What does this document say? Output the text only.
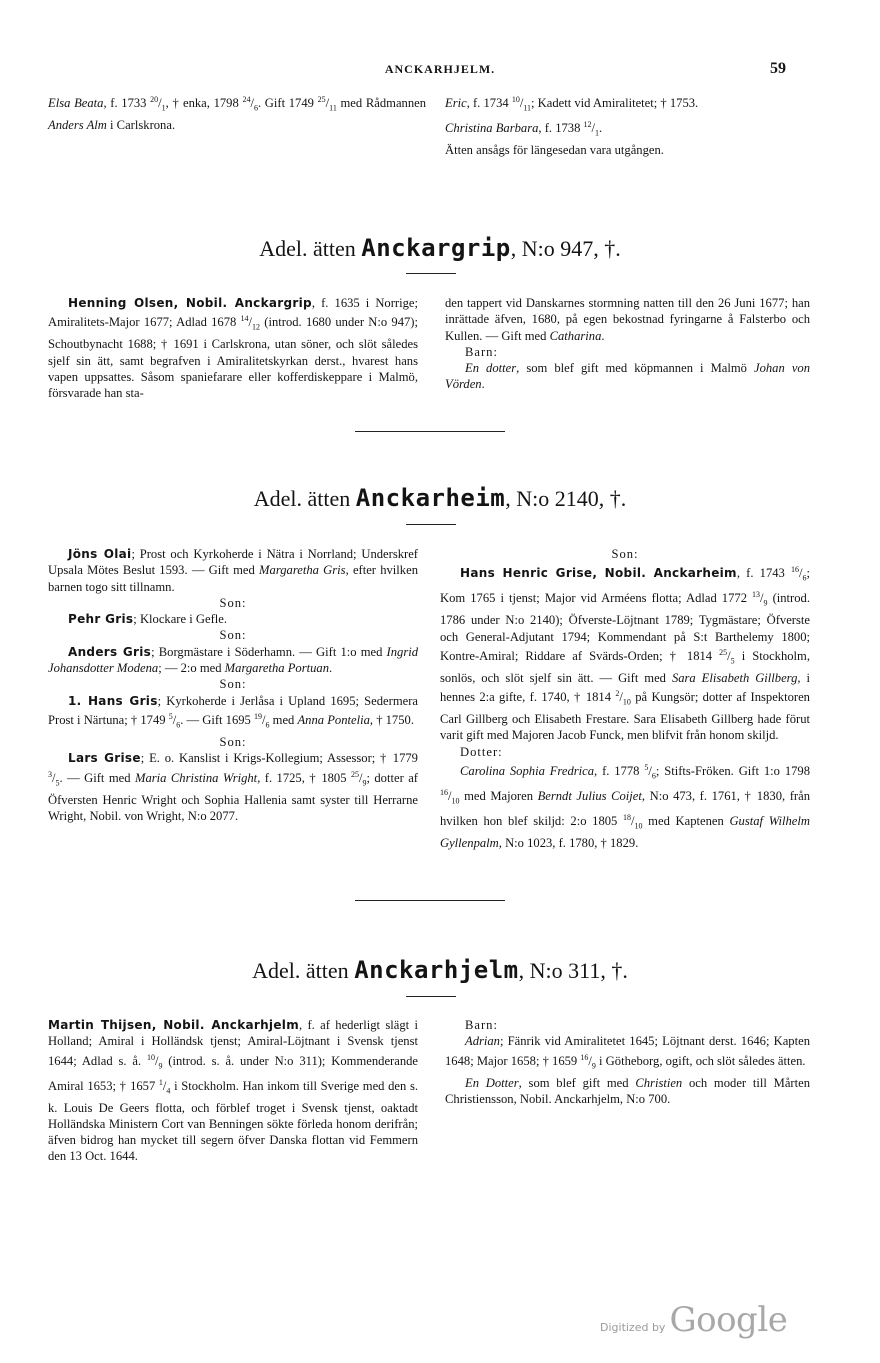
ANCKARHJELM.	59

Elsa Beata, f. 1733 $^{20}/_1$, † enka, 1798 $^{24}/_6$. Gift 1749 $^{25}/_{11}$ med Rådmannen Anders Alm i Carlskrona.

Eric, f. 1734 $^{10}/_{11}$; Kadett vid Amiralitetet; † 1753.

Christina Barbara, f. 1738 $^{12}/_1$.

Ätten ansågs för längesedan vara utgången.

Adel. ätten Anckargrip, N:o 947, †.

Henning Olsen, Nobil. Anckargrip, f. 1635 i Norrige; Amiralitets-Major 1677; Adlad 1678 $^{14}/_{12}$ (introd. 1680 under N:o 947); Schoutbynacht 1688; † 1691 i Carlskrona, utan söner, och slöt således sjelf sin ätt, samt begrafven i Amiralitetskyrkan derst., hvarest hans vapen uppsattes. Såsom spaniefarare eller kofferdiskeppare i Malmö, försvarade han sta-

den tappert vid Danskarnes stormning natten till den 26 Juni 1677; han inrättade äfven, 1680, på egen bekostnad fyringarne å Falsterbo och Kullen. — Gift med Catharina.

Barn:

En dotter, som blef gift med köpmannen i Malmö Johan von Vörden.

Adel. ätten Anckarheim, N:o 2140, †.

Jöns Olai; Prost och Kyrkoherde i Nätra i Norrland; Underskref Upsala Mötes Beslut 1593. — Gift med Margaretha Gris, efter hvilken barnen togo sitt tillnamn.

Son:

Pehr Gris; Klockare i Gefle.

Son:

Anders Gris; Borgmästare i Söderhamn. — Gift 1:o med Ingrid Johansdotter Modena; — 2:o med Margaretha Portuan.

Son:

1. Hans Gris; Kyrkoherde i Jerlåsa i Upland 1695; Sedermera Prost i Närtuna; † 1749 $^5/_6$. — Gift 1695 $^{19}/_6$ med Anna Pontelia, † 1750.

Son:

Lars Grise; E. o. Kanslist i Krigs-Kollegium; Assessor; † 1779 $^3/_5$. — Gift med Maria Christina Wright, f. 1725, † 1805 $^{25}/_9$; dotter af Öfversten Henric Wright och Sophia Hallenia samt syster till Herrarne Wright, Nobil. von Wright, N:o 2077.

Son:

Hans Henric Grise, Nobil. Anckarheim, f. 1743 $^{16}/_6$; Kom 1765 i tjenst; Major vid Arméens flotta; Adlad 1772 $^{13}/_9$ (introd. 1786 under N:o 2140); Öfverste-Löjtnant 1789; Tygmästare; Öfverste och General-Adjutant 1794; Kommendant på S:t Barthelemy 1800; Kontre-Amiral; Riddare af Svärds-Orden; † 1814 $^{25}/_5$ i Stockholm, sonlös, och slöt sjelf sin ätt. — Gift med Sara Elisabeth Gillberg, i hennes 2:a gifte, f. 1740, † 1814 $^2/_{10}$ på Kungsör; dotter af Inspektoren Carl Gillberg och Elisabeth Frestare. Sara Elisabeth Gillberg hade förut varit gift med Majoren Jacob Funck, men blifvit från honom skiljd.

Dotter:

Carolina Sophia Fredrica, f. 1778 $^5/_6$; Stifts-Fröken. Gift 1:o 1798 $^{16}/_{10}$ med Majoren Berndt Julius Coijet, N:o 473, f. 1761, † 1830, från hvilken hon blef skiljd: 2:o 1805 $^{18}/_{10}$ med Kaptenen Gustaf Wilhelm Gyllenpalm, N:o 1023, f. 1780, † 1829.

Adel. ätten Anckarhjelm, N:o 311, †.

Martin Thijsen, Nobil. Anckarhjelm, f. af hederligt slägt i Holland; Amiral i Holländsk tjenst; Amiral-Löjtnant i Svensk tjenst 1644; Adlad s. å. $^{10}/_9$ (introd. s. å. under N:o 311); Kommenderande Amiral 1653; † 1657 $^1/_4$ i Stockholm. Han inkom till Sverige med den s. k. Louis De Geers flotta, och förblef troget i Svensk tjenst, oaktadt Holländska Ministern Cort van Benningen sökte förleda honom derifrån; äfven bidrog han mycket till segern öfver Danska flottan vid Femmern den 13 Oct. 1644.

Barn:

Adrian; Fänrik vid Amiralitetet 1645; Löjtnant derst. 1646; Kapten 1648; Major 1658; † 1659 $^{16}/_9$ i Götheborg, ogift, och slöt således ätten.

En Dotter, som blef gift med Christien och moder till Mårten Christiensson, Nobil. Anckarhjelm, N:o 700.

Digitized by Google
